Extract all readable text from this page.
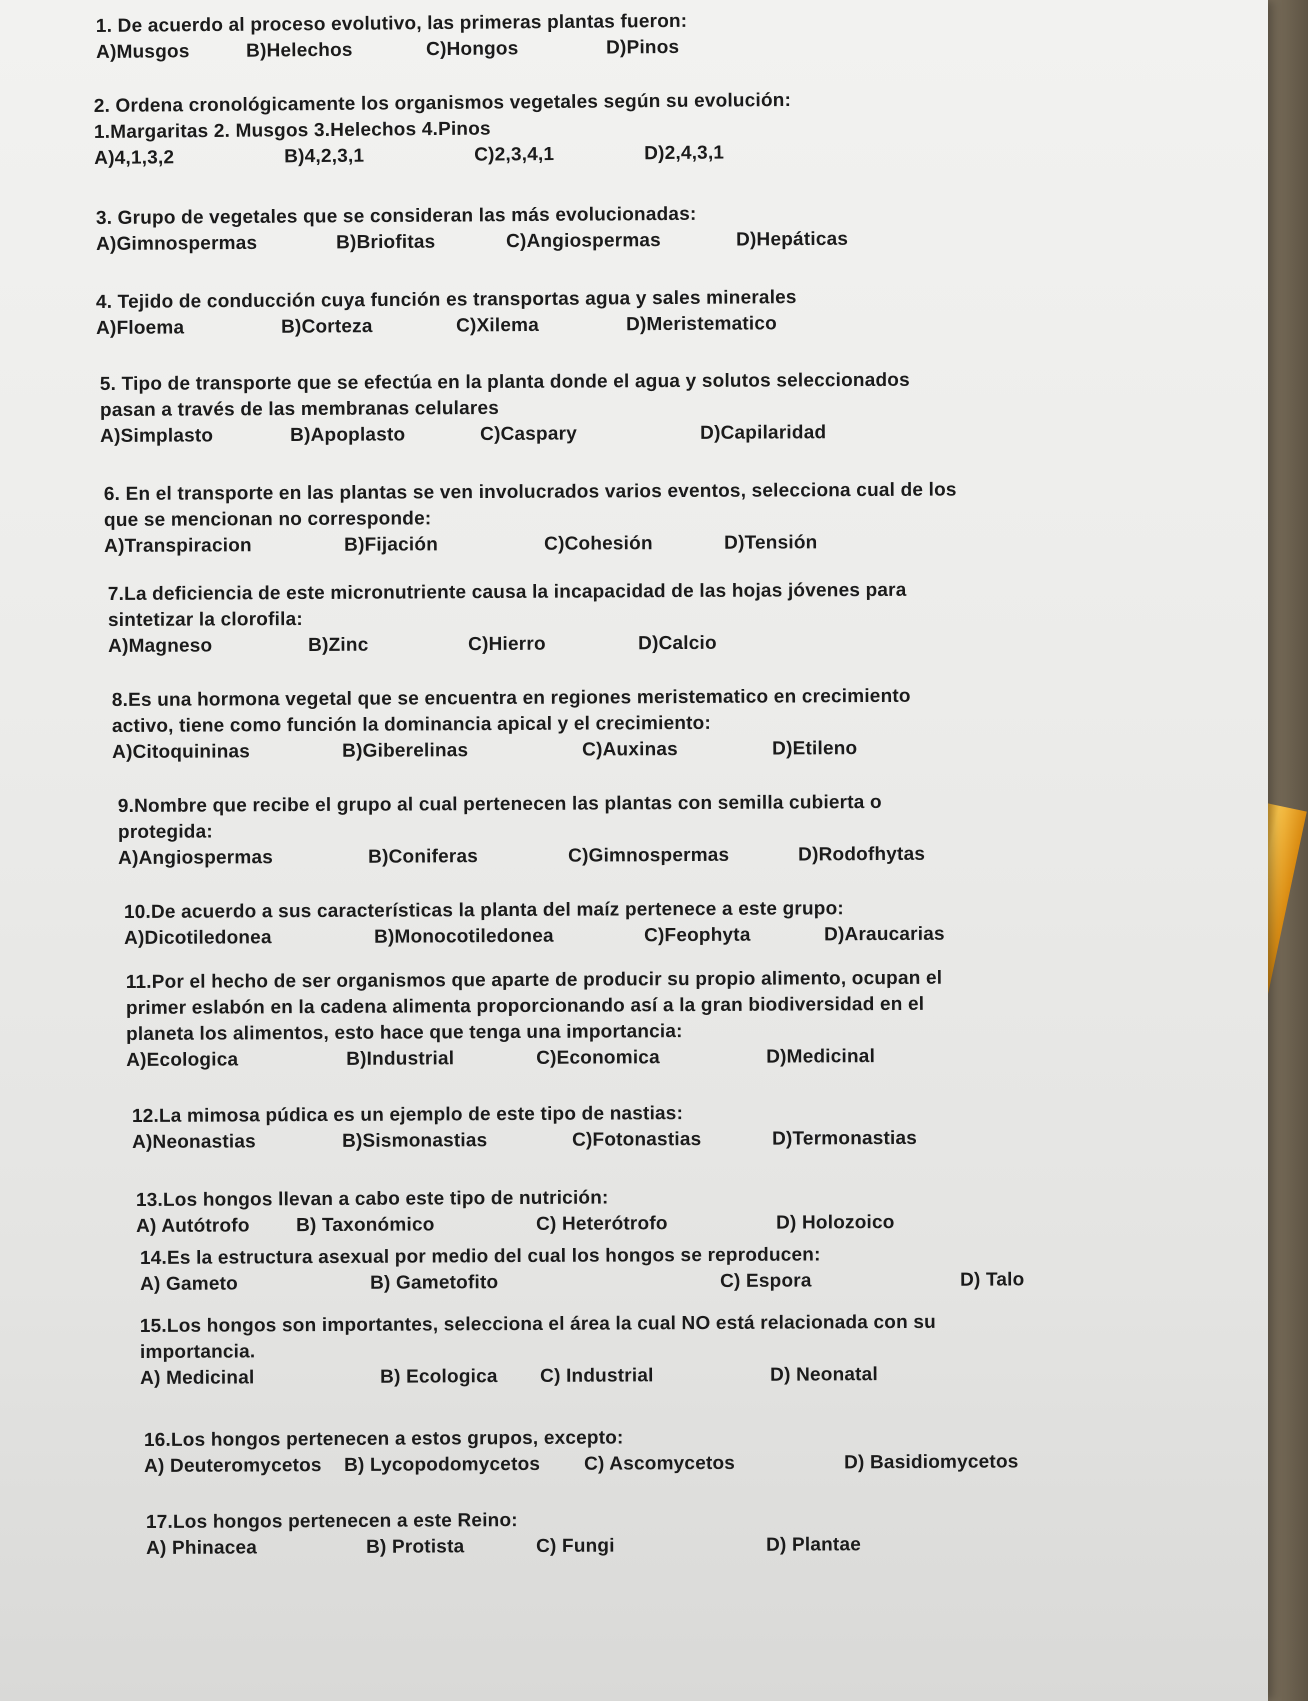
1. De acuerdo al proceso evolutivo, las primeras plantas fueron:
A)Musgos	B)Helechos	C)Hongos	D)Pinos
2. Ordena cronológicamente los organismos vegetales según su evolución:
1.Margaritas 2. Musgos 3.Helechos 4.Pinos
A)4,1,3,2	B)4,2,3,1	C)2,3,4,1	D)2,4,3,1
3. Grupo de vegetales que se consideran las más evolucionadas:
A)Gimnospermas	B)Briofitas	C)Angiospermas	D)Hepáticas
4. Tejido de conducción cuya función es transportas agua y sales minerales
A)Floema	B)Corteza	C)Xilema	D)Meristematico
5. Tipo de transporte que se efectúa en la planta donde el agua y solutos seleccionados
pasan a través de las membranas celulares
A)Simplasto	B)Apoplasto	C)Caspary	D)Capilaridad
6. En el transporte en las plantas se ven involucrados varios eventos, selecciona cual de los
que se mencionan no corresponde:
A)Transpiracion	B)Fijación	C)Cohesión	D)Tensión
7.La deficiencia de este micronutriente causa la incapacidad de las hojas jóvenes para
sintetizar la clorofila:
A)Magneso	B)Zinc	C)Hierro	D)Calcio
8.Es una hormona vegetal que se encuentra en regiones meristematico en crecimiento
activo, tiene como función la dominancia apical y el crecimiento:
A)Citoquininas	B)Giberelinas	C)Auxinas	D)Etileno
9.Nombre que recibe el grupo al cual pertenecen las plantas con semilla cubierta o
protegida:
A)Angiospermas	B)Coniferas	C)Gimnospermas	D)Rodofhytas
10.De acuerdo a sus características la planta del maíz pertenece a este grupo:
A)Dicotiledonea	B)Monocotiledonea	C)Feophyta	D)Araucarias
11.Por el hecho de ser organismos que aparte de producir su propio alimento, ocupan el
primer eslabón en la cadena alimenta proporcionando así a la gran biodiversidad en el
planeta los alimentos, esto hace que tenga una importancia:
A)Ecologica	B)Industrial	C)Economica	D)Medicinal
12.La mimosa púdica es un ejemplo de este tipo de nastias:
A)Neonastias	B)Sismonastias	C)Fotonastias	D)Termonastias
13.Los hongos llevan a cabo este tipo de nutrición:
A) Autótrofo B) Taxonómico	C) Heterótrofo	D) Holozoico
14.Es la estructura asexual por medio del cual los hongos se reproducen:
A) Gameto	B) Gametofito	C) Espora	D) Talo
15.Los hongos son importantes, selecciona el área la cual NO está relacionada con su
importancia.
A) Medicinal	B) Ecologica C) Industrial	D) Neonatal
16.Los hongos pertenecen a estos grupos, excepto:
A) Deuteromycetos B) Lycopodomycetos C) Ascomycetos	D) Basidiomycetos
17.Los hongos pertenecen a este Reino:
A) Phinacea	B) Protista	C) Fungi	D) Plantae
